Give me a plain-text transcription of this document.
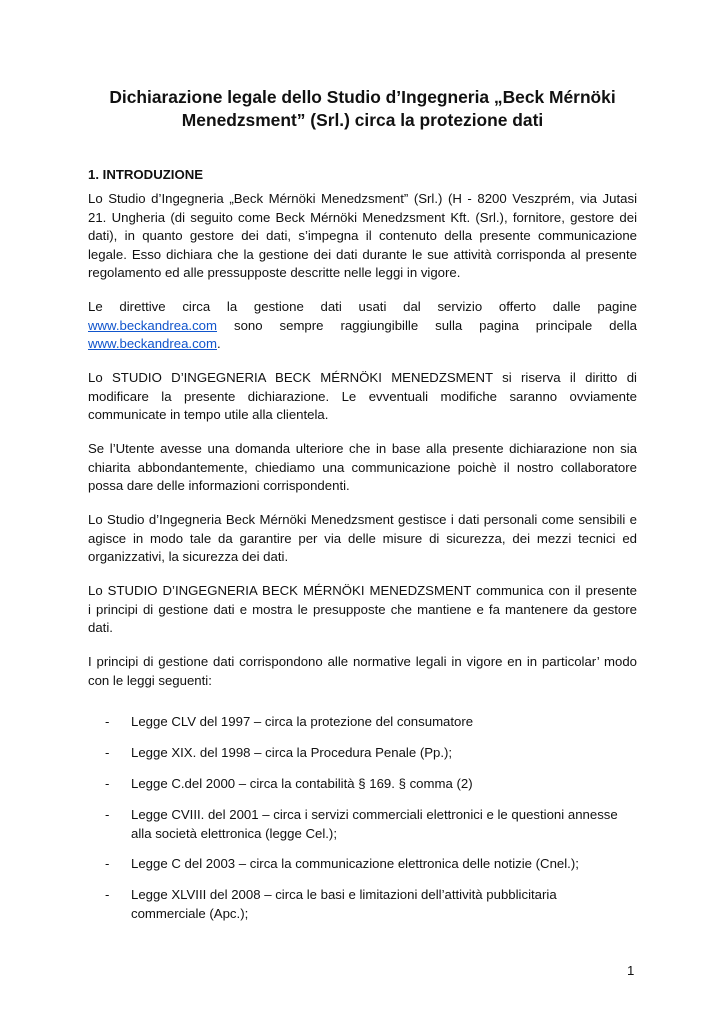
Dichiarazione legale dello Studio d’Ingegneria „Beck Mérnöki
Menedzsment” (Srl.) circa la protezione dati
1. INTRODUZIONE
Lo Studio d’Ingegneria „Beck Mérnöki Menedzsment” (Srl.) (H - 8200 Veszprém, via Jutasi
21. Ungheria (di seguito come Beck Mérnöki Menedzsment Kft. (Srl.), fornitore, gestore dei
dati), in quanto gestore dei dati, s’impegna il contenuto della presente communicazione
legale. Esso dichiara che la gestione dei dati durante le sue attività corrisponda al presente
regolamento ed alle pressupposte descritte nelle leggi in vigore.
Le direttive circa la gestione dati usati dal servizio offerto dalle pagine
www.beckandrea.com sono sempre raggiungibille sulla pagina principale della
www.beckandrea.com.
Lo STUDIO D’INGEGNERIA BECK MÉRNÖKI MENEDZSMENT si riserva il diritto di
modificare la presente dichiarazione. Le evventuali modifiche saranno ovviamente
communicate in tempo utile alla clientela.
Se l’Utente avesse una domanda ulteriore che in base alla presente dichiarazione non sia
chiarita abbondantemente, chiediamo una communicazione poichè il nostro collaboratore
possa dare delle informazioni corrispondenti.
Lo Studio d’Ingegneria Beck Mérnöki Menedzsment gestisce i dati personali come sensibili e
agisce in modo tale da garantire per via delle misure di sicurezza, dei mezzi tecnici ed
organizzativi, la sicurezza dei dati.
Lo STUDIO D’INGEGNERIA BECK MÉRNÖKI MENEDZSMENT communica con il presente
i principi di gestione dati e mostra le presupposte che mantiene e fa mantenere da gestore
dati.
I principi di gestione dati corrispondono alle normative legali in vigore en in particolar’ modo
con le leggi seguenti:
- Legge CLV del 1997 – circa la protezione del consumatore
- Legge XIX. del 1998 – circa la Procedura Penale (Pp.);
- Legge C.del 2000 – circa la contabilità § 169. § comma (2)
- Legge CVIII. del 2001 – circa i servizi commerciali elettronici e le questioni annesse
alla società elettronica (legge Cel.);
- Legge C del 2003 – circa la communicazione elettronica delle notizie (Cnel.);
- Legge XLVIII del 2008 – circa le basi e limitazioni dell’attività pubblicitaria
commerciale (Apc.);
1
